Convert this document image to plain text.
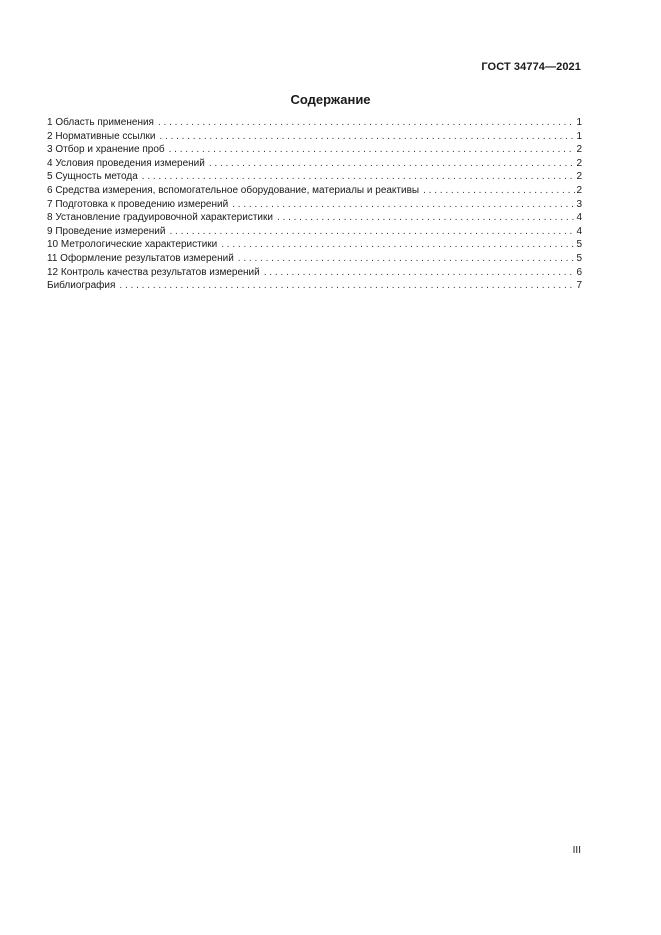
ГОСТ 34774—2021
Содержание
1 Область применения . . .	1
2 Нормативные ссылки . . .	1
3 Отбор и хранение проб . . .	2
4 Условия проведения измерений . . .	2
5 Сущность метода . . .	2
6 Средства измерения, вспомогательное оборудование, материалы и реактивы . . .	2
7 Подготовка к проведению измерений . . .	3
8 Установление градуировочной характеристики . . .	4
9 Проведение измерений . . .	4
10 Метрологические характеристики . . .	5
11 Оформление результатов измерений . . .	5
12 Контроль качества результатов измерений . . .	6
Библиография . . .	7
III
